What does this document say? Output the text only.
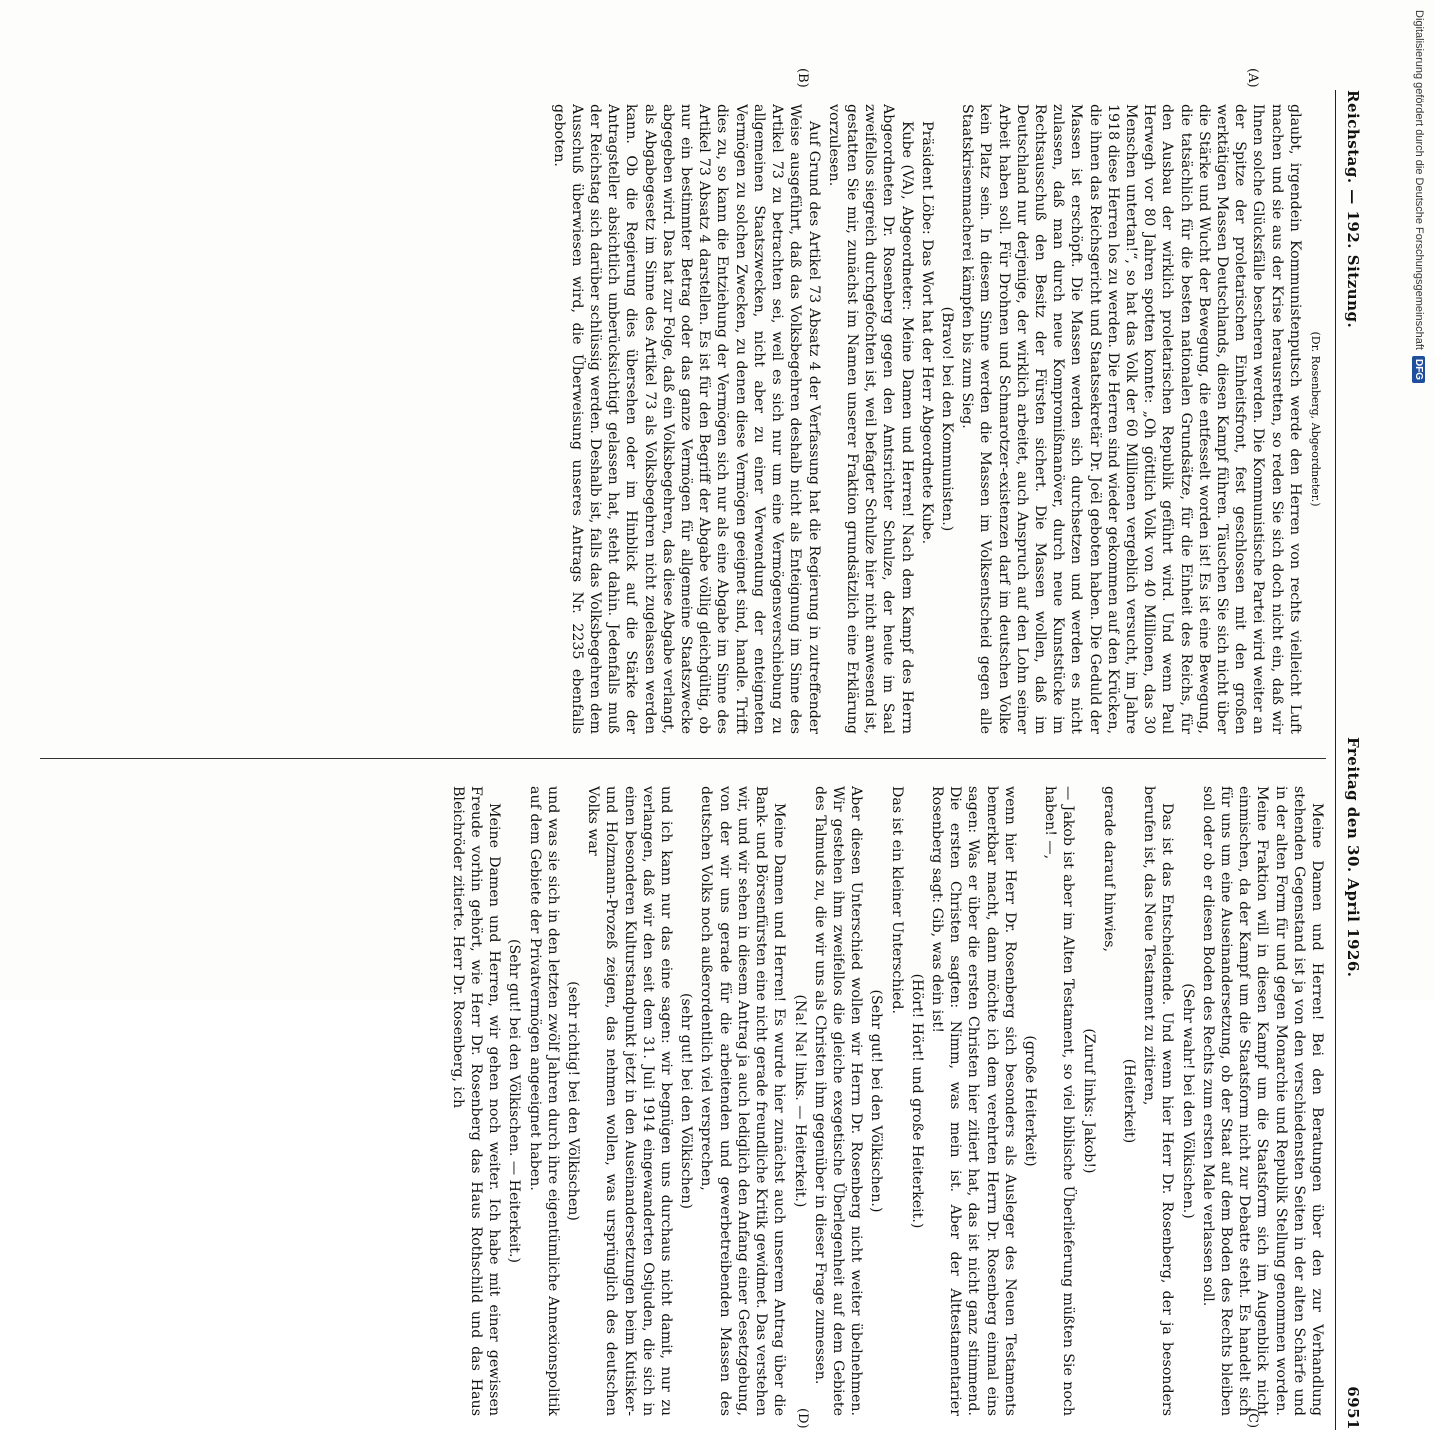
Reichstag. — 192. Sitzung.
Freitag den 30. April 1926.
6951

(Dr. Rosenberg, Abgeordneter.)

glaubt, irgendein Kommunistenputsch werde den Herren von rechts vielleicht Luft machen und sie aus der Krise herausretten, so reden Sie sich doch nicht ein, daß wir Ihnen solche Glücksfälle bescheren werden. Die Kommunistische Partei wird weiter an der Spitze der proletarischen Einheitsfront, fest geschlossen mit den großen werktätigen Massen Deutschlands, diesen Kampf führen. Täuschen Sie sich nicht über die Stärke und Wucht der Bewegung, die entfesselt worden ist! Es ist eine Bewegung, die tatsächlich für die besten nationalen Grundsätze, für die Einheit des Reichs, für den Ausbau der wirklich proletarischen Republik geführt wird. Und wenn Paul Herwegh vor 80 Jahren spotten konnte: „Oh göttlich Volk von 40 Millionen, das 30 Menschen untertan!“, so hat das Volk der 60 Millionen vergeblich versucht, im Jahre 1918 diese Herren los zu werden. Die Herren sind wieder gekommen auf den Krücken, die ihnen das Reichsgericht und Staatssekretär Dr. Joël geboten haben. Die Geduld der Massen ist erschöpft. Die Massen werden sich durchsetzen und werden es nicht zulassen, daß man durch neue Kompromißmanöver, durch neue Kunststücke im Rechtsausschuß den Besitz der Fürsten sichert. Die Massen wollen, daß im Deutschland nur derjenige, der wirklich arbeitet, auch Anspruch auf den Lohn seiner Arbeit haben soll. Für Drohnen und Schmarotzer-existenzen darf im deutschen Volke kein Platz sein. In diesem Sinne werden die Massen im Volksentscheid gegen alle Staatskrisenmacherei kämpfen bis zum Sieg.

(Bravo! bei den Kommunisten.)

Präsident Löbe: Das Wort hat der Herr Abgeordnete Kube.

Kube (VA), Abgeordneter: Meine Damen und Herren! Nach dem Kampf des Herrn Abgeordneten Dr. Rosenberg gegen den Amtsrichter Schulze, der heute im Saal zweifellos siegreich durchgefochten ist, weil befagter Schulze hier nicht anwesend ist, gestatten Sie mir, zunächst im Namen unserer Fraktion grundsätzlich eine Erklärung vorzulesen.

Auf Grund des Artikel 73 Absatz 4 der Verfassung hat die Regierung in zutreffender Weise ausgeführt, daß das Volksbegehren deshalb nicht als Enteignung im Sinne des Artikel 73 zu betrachten sei, weil es sich nur um eine Vermögensverschiebung zu allgemeinen Staatszwecken, nicht aber zu einer Verwendung der enteigneten Vermögen zu solchen Zwecken, zu denen diese Vermögen geeignet sind, handle. Trifft dies zu, so kann die Entziehung der Vermögen sich nur als eine Abgabe im Sinne des Artikel 73 Absatz 4 darstellen. Es ist für den Begriff der Abgabe völlig gleichgültig, ob nur ein bestimmter Betrag oder das ganze Vermögen für allgemeine Staatszwecke abgegeben wird. Das hat zur Folge, daß ein Volksbegehren, das diese Abgabe verlangt, als Abgabegesetz im Sinne des Artikel 73 als Volksbegehren nicht zugelassen werden kann. Ob die Regierung dies übersehen oder im Hinblick auf die Stärke der Antragsteller absichtlich unberücksichtigt gelassen hat, steht dahin. Jedenfalls muß der Reichstag sich darüber schlüssig werden. Deshalb ist, falls das Volksbegehren dem Ausschuß überwiesen wird, die Überweisung unseres Antrags Nr. 2235 ebenfalls geboten.

Meine Damen und Herren! Bei den Beratungen über den zur Verhandlung stehenden Gegenstand ist ja von den verschiedensten Seiten in der alten Schärfe und in der alten Form für und gegen Monarchie und Republik Stellung genommen worden. Meine Fraktion will in diesen Kampf um die Staatsform sich im Augenblick nicht einmischen, da der Kampf um die Staatsform nicht zur Debatte steht. Es handelt sich für uns um eine Auseinandersetzung, ob der Staat auf dem Boden des Rechts bleiben soll oder ob er diesen Boden des Rechts zum ersten Male verlassen soll.

(Sehr wahr! bei den Völkischen.)

Das ist das Entscheidende. Und wenn hier Herr Dr. Rosenberg, der ja besonders berufen ist, das Neue Testament zu zitieren,

(Heiterkeit)

gerade darauf hinwies,

(Zuruf links: Jakob!)

— Jakob ist aber im Alten Testament, so viel biblische Überlieferung müßten Sie noch haben! —,

(große Heiterkeit)

wenn hier Herr Dr. Rosenberg sich besonders als Ausleger des Neuen Testaments bemerkbar macht, dann möchte ich dem verehrten Herrn Dr. Rosenberg einmal eins sagen: Was er über die ersten Christen hier zitiert hat, das ist nicht ganz stimmend. Die ersten Christen sagten: Nimm, was mein ist. Aber der Alttestamentarier Rosenberg sagt: Gib, was dein ist!

(Hört! Hört! und große Heiterkeit.)

Das ist ein kleiner Unterschied.

(Sehr gut! bei den Völkischen.)

Aber diesen Unterschied wollen wir Herrn Dr. Rosenberg nicht weiter übelnehmen. Wir gestehen ihm zweifellos die gleiche exegetische Überlegenheit auf dem Gebiete des Talmuds zu, die wir uns als Christen ihm gegenüber in dieser Frage zumessen.

(Na! Na! links. — Heiterkeit.)

Meine Damen und Herren! Es wurde hier zunächst auch unserem Antrag über die Bank- und Börsenfürsten eine nicht gerade freundliche Kritik gewidmet. Das verstehen wir, und wir sehen in diesem Antrag ja auch lediglich den Anfang einer Gesetzgebung, von der wir uns gerade für die arbeitenden und gewerbetreibenden Massen des deutschen Volks noch außerordentlich viel versprechen,

(sehr gut! bei den Völkischen)

und ich kann nur das eine sagen: wir begnügen uns durchaus nicht damit, nur zu verlangen, daß wir den seit dem 31. Juli 1914 eingewanderten Ostjuden, die sich in einen besonderen Kulturstandpunkt jetzt in den Auseinandersetzungen beim Kutisker- und Holzmann-Prozeß zeigen, das nehmen wollen, was ursprünglich des deutschen Volks war

(sehr richtig! bei den Völkischen)

und was sie sich in den letzten zwölf Jahren durch ihre eigentümliche Annexionspolitik auf dem Gebiete der Privatvermögen angeeignet haben.

(Sehr gut! bei den Völkischen. — Heiterkeit.)

Meine Damen und Herren, wir gehen noch weiter. Ich habe mit einer gewissen Freude vorhin gehört, wie Herr Dr. Rosenberg das Haus Rothschild und das Haus Bleichröder zitierte. Herr Dr. Rosenberg, ich

(A)
(B)
(C)
(D)
Digitalisierung gefördert durch die Deutsche Forschungsgemeinschaft
DFG
